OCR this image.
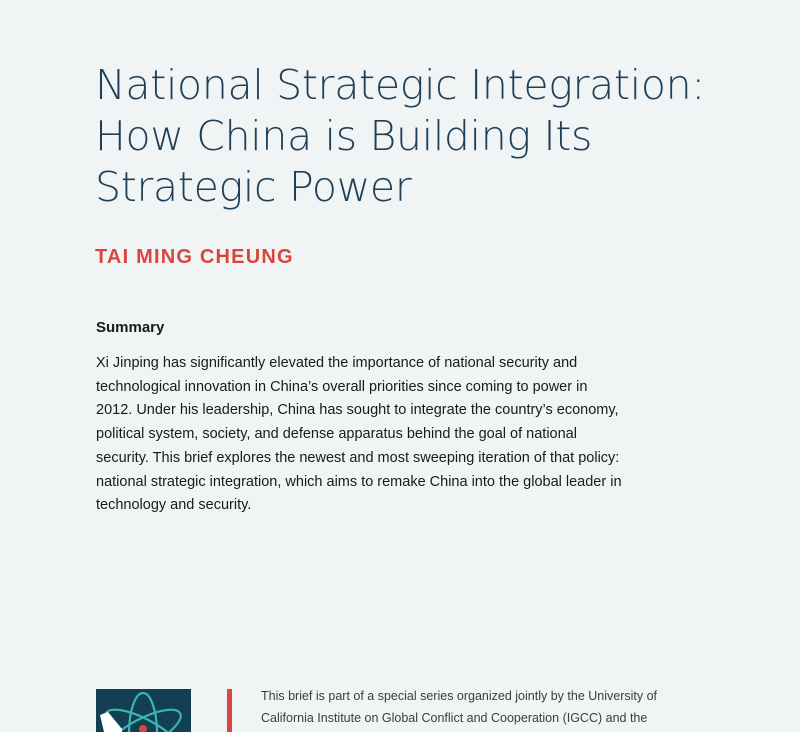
National Strategic Integration:
How China is Building Its
Strategic Power
TAI MING CHEUNG
Summary

Xi Jinping has significantly elevated the importance of national security and
technological innovation in China’s overall priorities since coming to power in
2012. Under his leadership, China has sought to integrate the country’s economy,
political system, society, and defense apparatus behind the goal of national
security. This brief explores the newest and most sweeping iteration of that policy:
national strategic integration, which aims to remake China into the global leader in
technology and security.

This brief is part of a special series organized jointly by the University of
California Institute on Global Conflict and Cooperation (IGCC) and the
